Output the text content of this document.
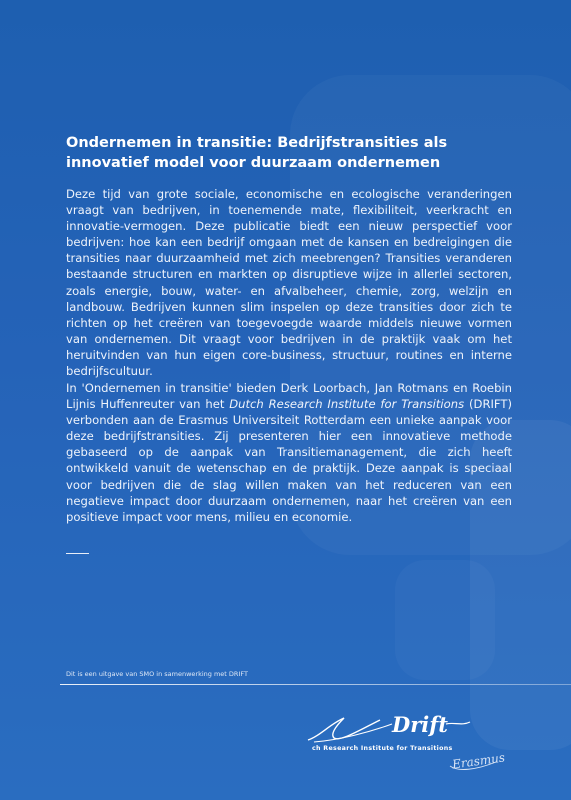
Ondernemen in transitie: Bedrijfstransities als innovatief model voor duurzaam ondernemen

Deze tijd van grote sociale, economische en ecologische veranderingen vraagt van bedrijven, in toenemende mate, flexibiliteit, veerkracht en innovatie-vermogen. Deze publicatie biedt een nieuw perspectief voor bedrijven: hoe kan een bedrijf omgaan met de kansen en bedreigingen die transities naar duurzaamheid met zich meebrengen? Transities veranderen bestaande structuren en markten op disruptieve wijze in allerlei sectoren, zoals energie, bouw, water- en afvalbeheer, chemie, zorg, welzijn en landbouw. Bedrijven kunnen slim inspelen op deze transities door zich te richten op het creëren van toegevoegde waarde middels nieuwe vormen van ondernemen. Dit vraagt voor bedrijven in de praktijk vaak om het heruitvinden van hun eigen core-business, structuur, routines en interne bedrijfscultuur.

In 'Ondernemen in transitie' bieden Derk Loorbach, Jan Rotmans en Roebin Lijnis Huffenreuter van het Dutch Research Institute for Transitions (DRIFT) verbonden aan de Erasmus Universiteit Rotterdam een unieke aanpak voor deze bedrijfstransities. Zij presenteren hier een innovatieve methode gebaseerd op de aanpak van Transitiemanagement, die zich heeft ontwikkeld vanuit de wetenschap en de praktijk. Deze aanpak is speciaal voor bedrijven die de slag willen maken van het reduceren van een negatieve impact door duurzaam ondernemen, naar het creëren van een positieve impact voor mens, milieu en economie.

Dit is een uitgave van SMO in samenwerking met DRIFT

Drift
ch Research Institute for Transitions
Erasmus
